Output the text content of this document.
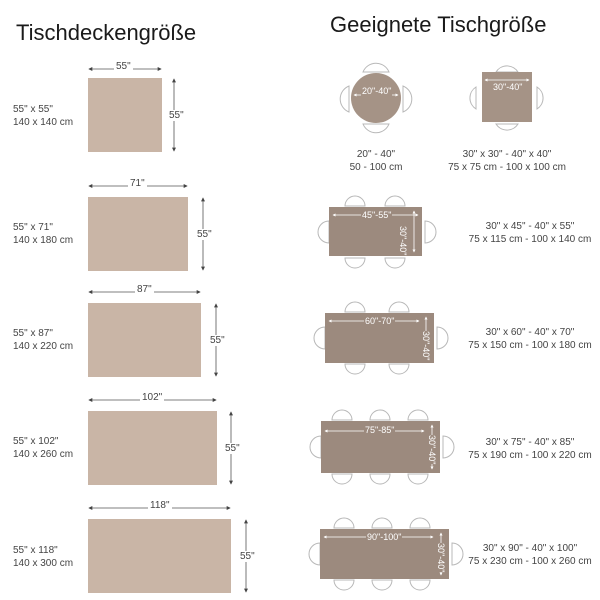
Tischdeckengröße	Geeignete Tischgröße
55" x 55"
140 x 140 cm
55" x 71"
140 x 180 cm
55" x 87"
140 x 220 cm
55" x 102"
140 x 260 cm
55" x 118"
140 x 300 cm
55"
55"
71"
55"
87"
55"
102"
55"
118"
55"
20"-40"	30"-40"
45"-55"
30"-40"
60"-70"
30"-40"
75"-85"
30"-40"
90"-100"
30"-40"
20" - 40"
50 - 100 cm
30" x 30" - 40" x 40"
75 x 75 cm - 100 x 100 cm
30" x 45" - 40" x 55"
75 x 115 cm - 100 x 140 cm
30" x 60" - 40" x 70"
75 x 150 cm - 100 x 180 cm
30" x 75" - 40" x 85"
75 x 190 cm - 100 x 220 cm
30" x 90" - 40" x 100"
75 x 230 cm - 100 x 260 cm
